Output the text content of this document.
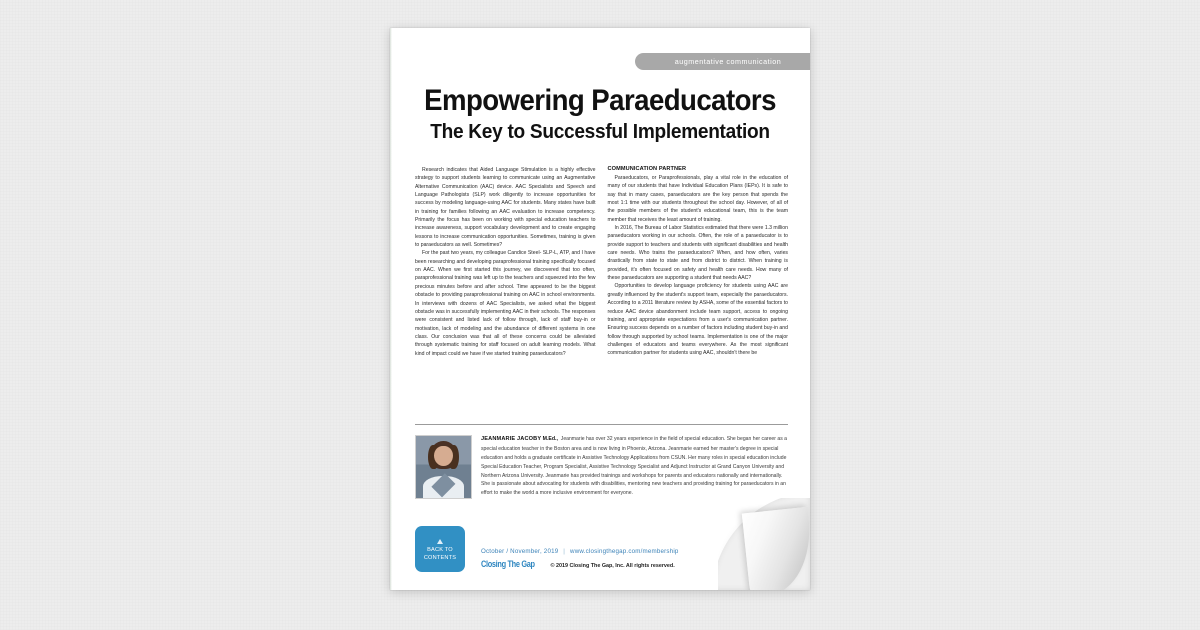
augmentative communication
Empowering Paraeducators
The Key to Successful Implementation

Research indicates that Aided Language Stimulation is a highly effective strategy to support students learning to communicate using an Augmentative Alternative Communication (AAC) device. AAC Specialists and Speech and Language Pathologists (SLP) work diligently to increase opportunities for success by modeling language-using AAC for students. Many states have built in training for families following an AAC evaluation to increase competency. Primarily the focus has been on working with special education teachers to increase awareness, support vocabulary development and to create engaging lessons to increase communication opportunities. Sometimes, training is given to paraeducators as well. Sometimes?

For the past two years, my colleague Candice Steel- SLP-L, ATP, and I have been researching and developing paraprofessional training specifically focused on AAC. When we first started this journey, we discovered that too often, paraprofessional training was left up to the teachers and squeezed into the few precious minutes before and after school. Time appeared to be the biggest obstacle to providing paraprofessional training on AAC in school environments. In interviews with dozens of AAC Specialists, we asked what the biggest obstacle was in successfully implementing AAC in their schools. The responses were consistent and listed lack of follow through, lack of staff buy-in or motivation, lack of modeling and the abundance of different systems in one class. Our conclusion was that all of these concerns could be alleviated through systematic training for staff focused on adult learning models. What kind of impact could we have if we started training paraeducators?

COMMUNICATION PARTNER

Paraeducators, or Paraprofessionals, play a vital role in the education of many of our students that have Individual Education Plans (IEPs). It is safe to say that in many cases, paraeducators are the key person that spends the most 1:1 time with our students throughout the school day. However, of all of the possible members of the student's educational team, this is the team member that receives the least amount of training.

In 2016, The Bureau of Labor Statistics estimated that there were 1.3 million paraeducators working in our schools. Often, the role of a paraeducator is to provide support to teachers and students with significant disabilities and health care needs. Who trains the paraeducators? When, and how often, varies drastically from state to state and from district to district. When training is provided, it's often focused on safety and health care needs. How many of these paraeducators are supporting a student that needs AAC?

Opportunities to develop language proficiency for students using AAC are greatly influenced by the student's support team, especially the paraeducators. According to a 2011 literature review by ASHA, some of the essential factors to reduce AAC device abandonment include team support, access to ongoing training, and appropriate expectations from a user's communication partner. Ensuring success depends on a number of factors including student buy-in and follow through supported by school teams. Implementation is one of the major challenges of educators and teams everywhere. As the most significant communication partner for students using AAC, shouldn't there be

JEANMARIE JACOBY M.Ed., Jeanmarie has over 32 years experience in the field of special education. She began her career as a special education teacher in the Boston area and is now living in Phoenix, Arizona. Jeanmarie earned her master's degree in special education and holds a graduate certificate in Assistive Technology Applications from CSUN. Her many roles in special education include Special Education Teacher, Program Specialist, Assistive Technology Specialist and Adjunct Instructor at Grand Canyon University and Northern Arizona University. Jeanmarie has provided trainings and workshops for parents and educators nationally and internationally. She is passionate about advocating for students with disabilities, mentoring new teachers and providing training for paraeducators in an effort to make the world a more inclusive environment for everyone.
BACK TO
CONTENTS
October / November, 2019 | www.closingthegap.com/membership
Closing The Gap	© 2019 Closing The Gap, Inc. All rights reserved.
